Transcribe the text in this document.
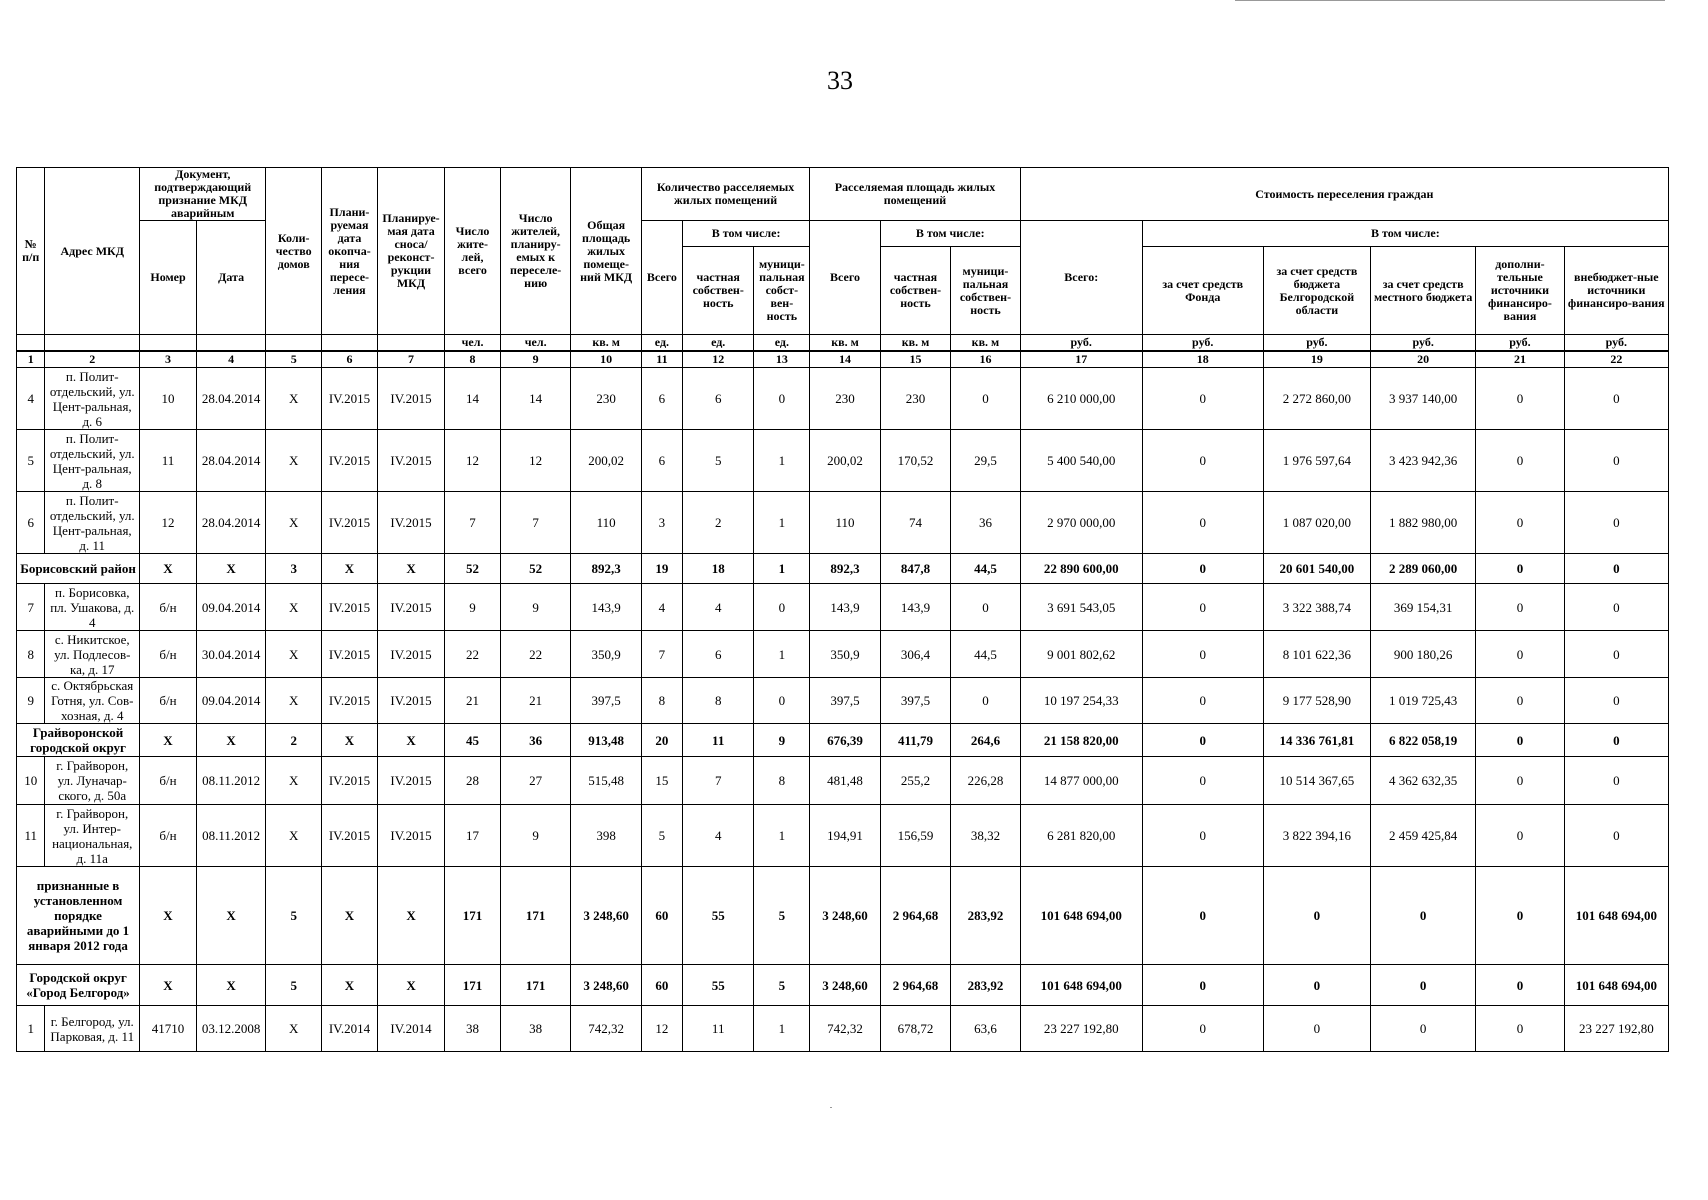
33
№ п/п	Адрес МКД	Документ, подтверждающий признание МКД аварийным		Коли-чество домов	Плани-руемая дата окопча-ния пересе-ления	Планируе-мая дата сноса/ реконст-рукции МКД	Число жите-лей, всего	Число жителей, планиру-емых к переселе-нию	Общая площадь жилых помеще-ний МКД	Количество расселяемых жилых помещений			Расселяемая площадь жилых помещений			Стоимость переселения граждан					
		Номер	Дата							Всего	В том числе:		Всего	В том числе:		Всего:	В том числе:				
											частная собствен-ность	муници-пальная собст-вен-ность		частная собствен-ность	муници-пальная собствен-ность		за счет средств Фонда	за счет средств бюджета Белгородской области	за счет средств местного бюджета	дополни-тельные источники финансиро-вания	внебюджет-ные источники финансиро-вания
							чел.	чел.	кв. м	ед.	ед.	ед.	кв. м	кв. м	кв. м	руб.	руб.	руб.	руб.	руб.	руб.
1	2	3	4	5	6	7	8	9	10	11	12	13	14	15	16	17	18	19	20	21	22
4	п. Полит-отдельский, ул. Цент-ральная, д. 6	10	28.04.2014	X	IV.2015	IV.2015	14	14	230	6	6	0	230	230	0	6 210 000,00	0	2 272 860,00	3 937 140,00	0	0
5	п. Полит-отдельский, ул. Цент-ральная, д. 8	11	28.04.2014	X	IV.2015	IV.2015	12	12	200,02	6	5	1	200,02	170,52	29,5	5 400 540,00	0	1 976 597,64	3 423 942,36	0	0
6	п. Полит-отдельский, ул. Цент-ральная, д. 11	12	28.04.2014	X	IV.2015	IV.2015	7	7	110	3	2	1	110	74	36	2 970 000,00	0	1 087 020,00	1 882 980,00	0	0
Борисовский район		X	X	3	X	X	52	52	892,3	19	18	1	892,3	847,8	44,5	22 890 600,00	0	20 601 540,00	2 289 060,00	0	0
7	п. Борисовка, пл. Ушакова, д. 4	б/н	09.04.2014	X	IV.2015	IV.2015	9	9	143,9	4	4	0	143,9	143,9	0	3 691 543,05	0	3 322 388,74	369 154,31	0	0
8	с. Никитское, ул. Подлесов-ка, д. 17	б/н	30.04.2014	X	IV.2015	IV.2015	22	22	350,9	7	6	1	350,9	306,4	44,5	9 001 802,62	0	8 101 622,36	900 180,26	0	0
9	с. Октябрьская Готня, ул. Сов-хозная, д. 4	б/н	09.04.2014	X	IV.2015	IV.2015	21	21	397,5	8	8	0	397,5	397,5	0	10 197 254,33	0	9 177 528,90	1 019 725,43	0	0
Грайворонской городской округ		X	X	2	X	X	45	36	913,48	20	11	9	676,39	411,79	264,6	21 158 820,00	0	14 336 761,81	6 822 058,19	0	0
10	г. Грайворон, ул. Луначар-ского, д. 50а	б/н	08.11.2012	X	IV.2015	IV.2015	28	27	515,48	15	7	8	481,48	255,2	226,28	14 877 000,00	0	10 514 367,65	4 362 632,35	0	0
11	г. Грайворон, ул. Интер-национальная, д. 11а	б/н	08.11.2012	X	IV.2015	IV.2015	17	9	398	5	4	1	194,91	156,59	38,32	6 281 820,00	0	3 822 394,16	2 459 425,84	0	0
признанные в установленном порядке аварийными до 1 января 2012 года		X	X	5	X	X	171	171	3 248,60	60	55	5	3 248,60	2 964,68	283,92	101 648 694,00	0	0	0	0	101 648 694,00
Городской округ «Город Белгород»		X	X	5	X	X	171	171	3 248,60	60	55	5	3 248,60	2 964,68	283,92	101 648 694,00	0	0	0	0	101 648 694,00
1	г. Белгород, ул. Парковая, д. 11	41710	03.12.2008	X	IV.2014	IV.2014	38	38	742,32	12	11	1	742,32	678,72	63,6	23 227 192,80	0	0	0	0	23 227 192,80
